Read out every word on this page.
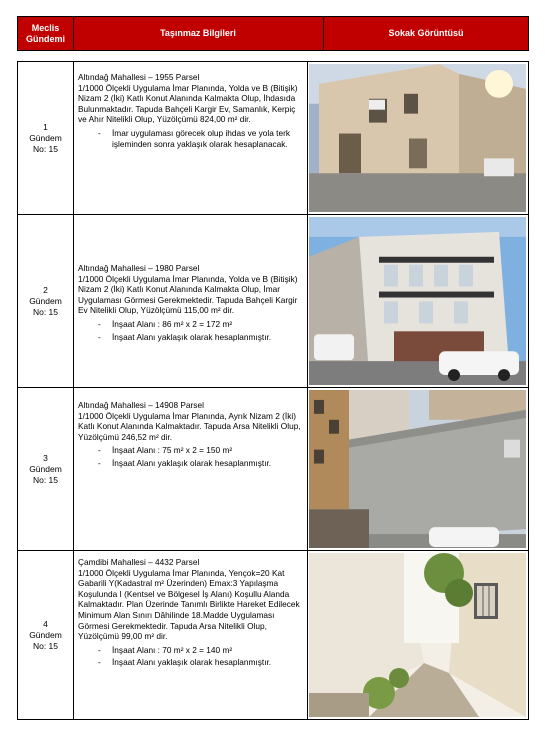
Meclis
Gündemi
Taşınmaz Bilgileri	Sokak Görüntüsü
1
Gündem
No: 15

Altındağ Mahallesi – 1955 Parsel

1/1000 Ölçekli Uygulama İmar Planında, Yolda ve B (Bitişik) Nizam 2 (İki) Katlı Konut Alanında Kalmakta Olup, İhdasıda Bulunmaktadır. Tapuda Bahçeli Kargir Ev, Samanlık, Kerpiç ve Ahır Nitelikli Olup, Yüzölçümü 824,00 m² dir.

- İmar uygulaması görecek olup ihdas ve yola terk işleminden sonra yaklaşık olarak hesaplanacak.
2
Gündem
No: 15

Altındağ Mahallesi – 1980 Parsel

1/1000 Ölçekli Uygulama İmar Planında, Yolda ve B (Bitişik) Nizam 2 (İki) Katlı Konut Alanında Kalmakta Olup, İmar Uygulaması Görmesi Gerekmektedir. Tapuda Bahçeli Kargir Ev Nitelikli Olup, Yüzölçümü 115,00 m² dir.

- İnşaat Alanı : 86 m² x 2 = 172 m²
- İnşaat Alanı yaklaşık olarak hesaplanmıştır.
3
Gündem
No: 15

Altındağ Mahallesi – 14908 Parsel

1/1000 Ölçekli Uygulama İmar Planında, Ayrık Nizam 2 (İki) Katlı Konut Alanında Kalmaktadır. Tapuda Arsa Nitelikli Olup, Yüzölçümü 246,52 m² dir.

- İnşaat Alanı : 75 m² x 2 = 150 m²
- İnşaat Alanı yaklaşık olarak hesaplanmıştır.
4
Gündem
No: 15

Çamdibi Mahallesi – 4432 Parsel

1/1000 Ölçekli Uygulama İmar Planında, Yençok=20 Kat Gabarili Y(Kadastral m² Üzerinden) Emax:3 Yapılaşma Koşulunda I (Kentsel ve Bölgesel İş Alanı) Koşullu Alanda Kalmaktadır. Plan Üzerinde Tanımlı Birlikte Hareket Edilecek Minimum Alan Sınırı Dâhilinde 18.Madde Uygulaması Görmesi Gerekmektedir. Tapuda Arsa Nitelikli Olup, Yüzölçümü 99,00 m² dir.

- İnşaat Alanı : 70 m² x 2 = 140 m²
- İnşaat Alanı yaklaşık olarak hesaplanmıştır.
